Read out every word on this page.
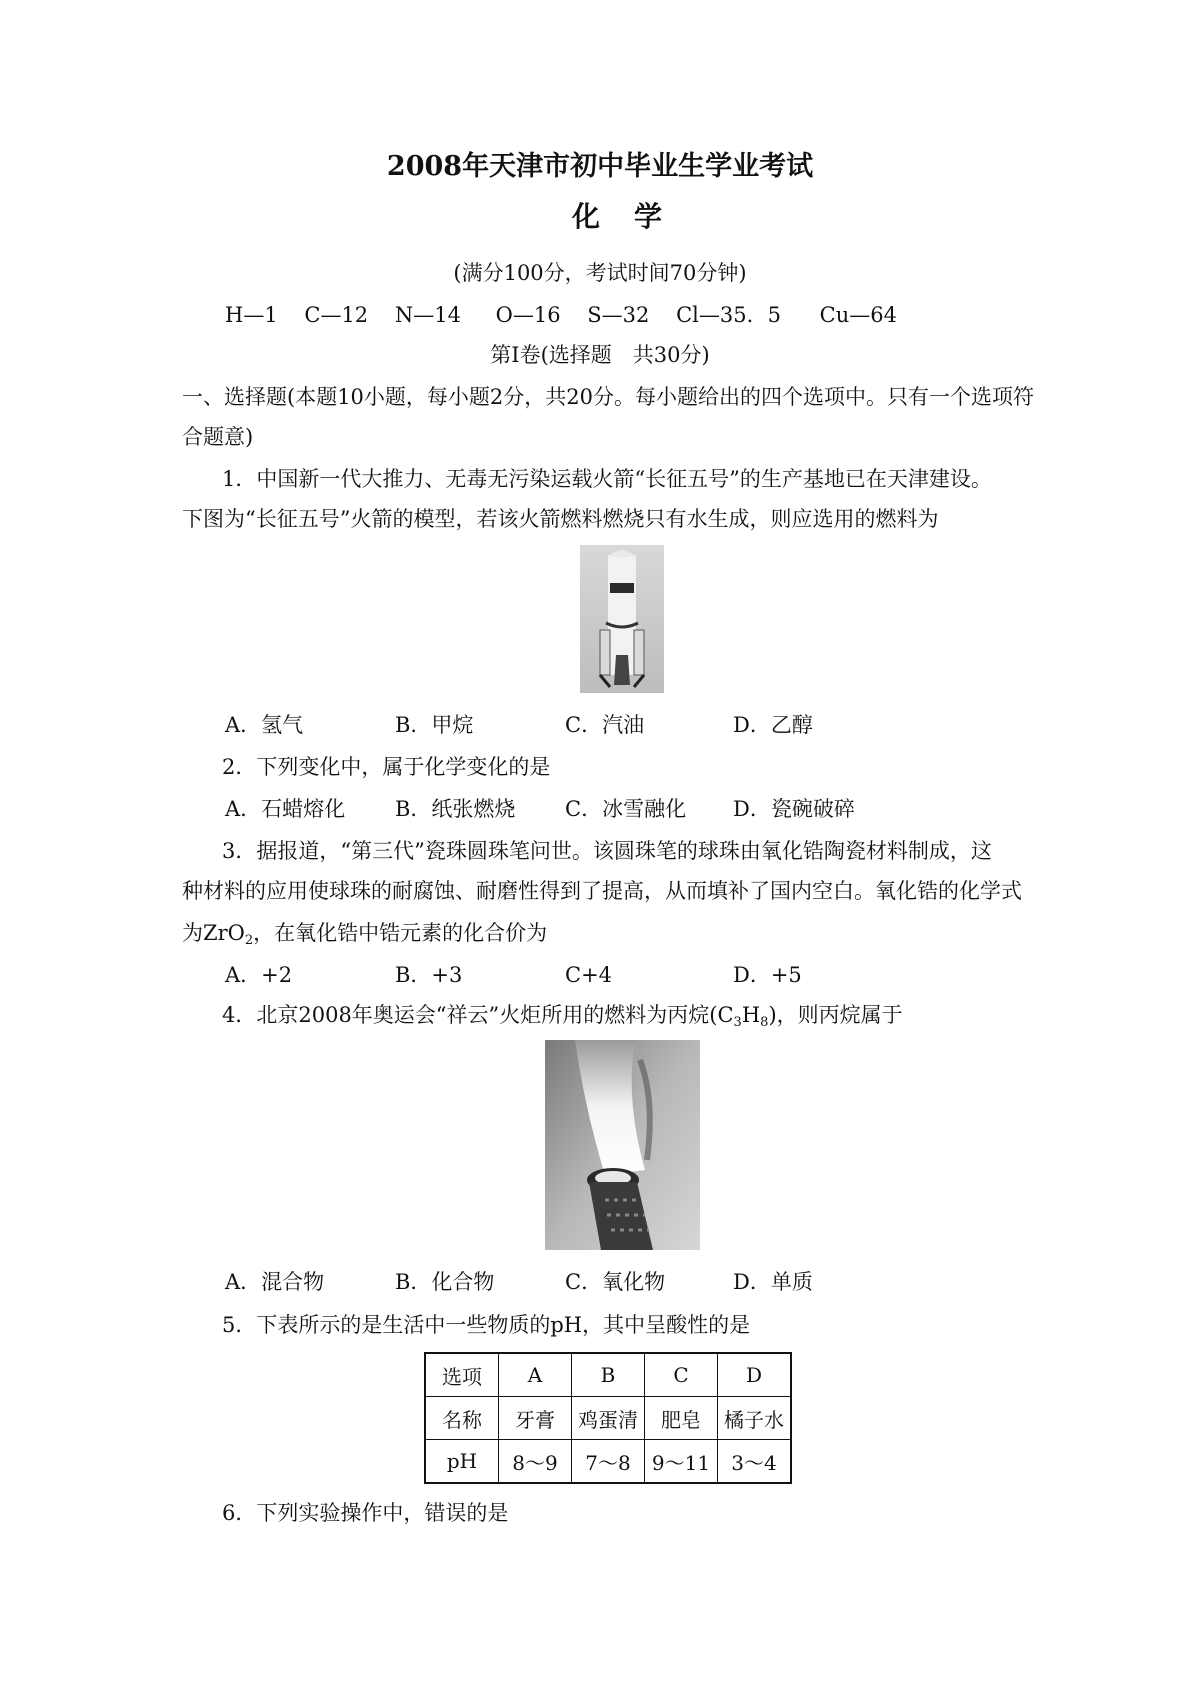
2008年天津市初中毕业生学业考试
化学
(满分100分，考试时间70分钟)
H—1 C—12 N—14 O—16 S—32 Cl—35．5 Cu—64
第Ⅰ卷(选择题　共30分)
一、选择题(本题10小题，每小题2分，共20分。每小题给出的四个选项中。只有一个选项符
合题意)
1．中国新一代大推力、无毒无污染运载火箭“长征五号”的生产基地已在天津建设。
下图为“长征五号”火箭的模型，若该火箭燃料燃烧只有水生成，则应选用的燃料为
A．氢气	B．甲烷	C．汽油	D．乙醇
2．下列变化中，属于化学变化的是
A．石蜡熔化	B．纸张燃烧	C．冰雪融化	D．瓷碗破碎
3．据报道，“第三代”瓷珠圆珠笔问世。该圆珠笔的球珠由氧化锆陶瓷材料制成，这
种材料的应用使球珠的耐腐蚀、耐磨性得到了提高，从而填补了国内空白。氧化锆的化学式
为ZrO$_2$，在氧化锆中锆元素的化合价为
A．+2	B．+3	C+4	D．+5
4．北京2008年奥运会“祥云”火炬所用的燃料为丙烷$(C_3H_8)$，则丙烷属于
A．混合物	B．化合物	C．氧化物	D．单质
5．下表所示的是生活中一些物质的pH，其中呈酸性的是
选项	A	B	C	D
名称	牙膏	鸡蛋清	肥皂	橘子水
pH	8～9	7～8	9～11	3～4
6．下列实验操作中，错误的是
